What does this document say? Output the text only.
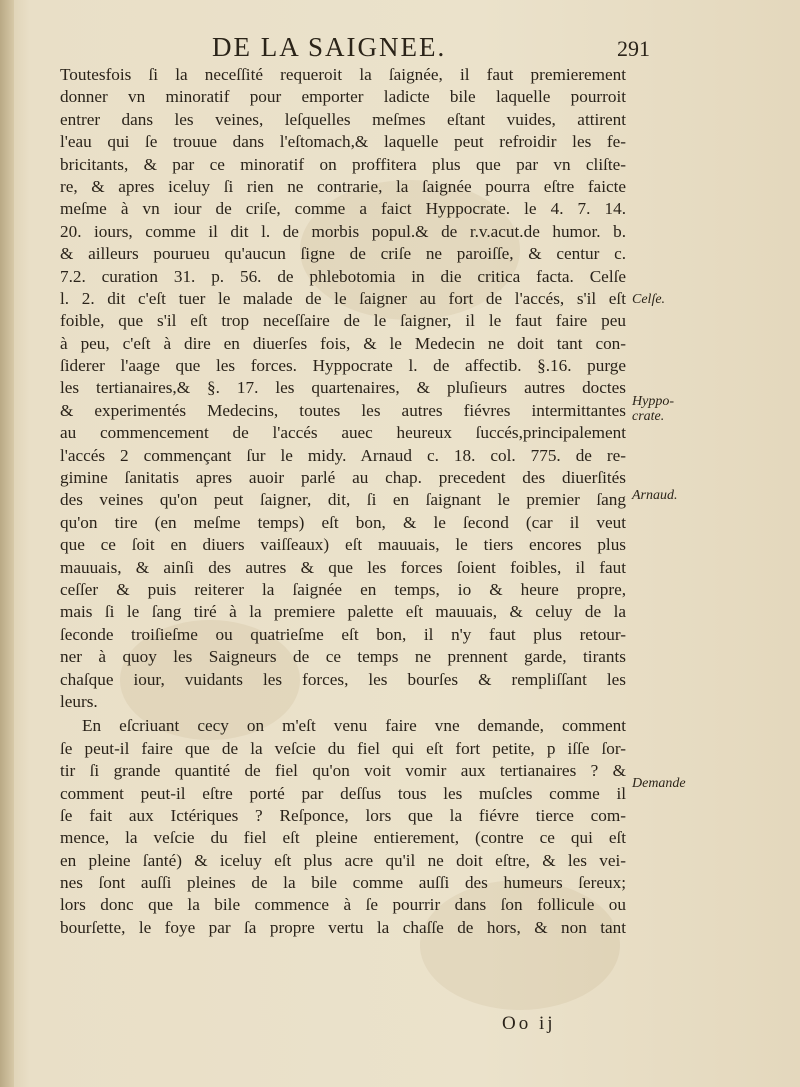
DE LA SAIGNEE.	291
Toutesfois ſi la neceſſité requeroit la ſaignée, il faut premierement
donner vn minoratif pour emporter ladicte bile laquelle pourroit
entrer dans les veines, leſquelles meſmes eſtant vuides, attirent
l'eau qui ſe trouue dans l'eſtomach,& laquelle peut refroidir les fe-
bricitants, & par ce minoratif on proffitera plus que par vn cliſte-
re, & apres iceluy ſi rien ne contrarie, la ſaignée pourra eſtre faicte
meſme à vn iour de criſe, comme a faict Hyppocrate. le 4. 7. 14.
20. iours, comme il dit l. de morbis popul.& de r.v.acut.de humor. b.
& ailleurs pourueu qu'aucun ſigne de criſe ne paroiſſe, & centur c.
7.2. curation 31. p. 56. de phlebotomia in die critica facta. Celſe
l. 2. dit c'eſt tuer le malade de le ſaigner au fort de l'accés, s'il eſt
foible, que s'il eſt trop neceſſaire de le ſaigner, il le faut faire peu
à peu, c'eſt à dire en diuerſes fois, & le Medecin ne doit tant con-
ſiderer l'aage que les forces. Hyppocrate l. de affectib. §.16. purge
les tertianaires,& §. 17. les quartenaires, & pluſieurs autres doctes
& experimentés Medecins, toutes les autres fiévres intermittantes
au commencement de l'accés auec heureux ſuccés,principalement
l'accés 2 commençant ſur le midy. Arnaud c. 18. col. 775. de re-
gimine ſanitatis apres auoir parlé au chap. precedent des diuerſités
des veines qu'on peut ſaigner, dit, ſi en ſaignant le premier ſang
qu'on tire (en meſme temps) eſt bon, & le ſecond (car il veut
que ce ſoit en diuers vaiſſeaux) eſt mauuais, le tiers encores plus
mauuais, & ainſi des autres & que les forces ſoient foibles, il faut
ceſſer & puis reiterer la ſaignée en temps, io & heure propre,
mais ſi le ſang tiré à la premiere palette eſt mauuais, & celuy de la
ſeconde troiſieſme ou quatrieſme eſt bon, il n'y faut plus retour-
ner à quoy les Saigneurs de ce temps ne prennent garde, tirants
chaſque iour, vuidants les forces, les bourſes & rempliſſant les
leurs.
En eſcriuant cecy on m'eſt venu faire vne demande, comment
ſe peut-il faire que de la veſcie du fiel qui eſt fort petite, p iſſe ſor-
tir ſi grande quantité de fiel qu'on voit vomir aux tertianaires ? &
comment peut-il eſtre porté par deſſus tous les muſcles comme il
ſe fait aux Ictériques ? Reſponce, lors que la fiévre tierce com-
mence, la veſcie du fiel eſt pleine entierement, (contre ce qui eſt
en pleine ſanté) & iceluy eſt plus acre qu'il ne doit eſtre, & les vei-
nes ſont auſſi pleines de la bile comme auſſi des humeurs ſereux;
lors donc que la bile commence à ſe pourrir dans ſon follicule ou
bourſette, le foye par ſa propre vertu la chaſſe de hors, & non tant
Celſe.
Hyppo-
crate.
Arnaud.
Demande
Oo ij
